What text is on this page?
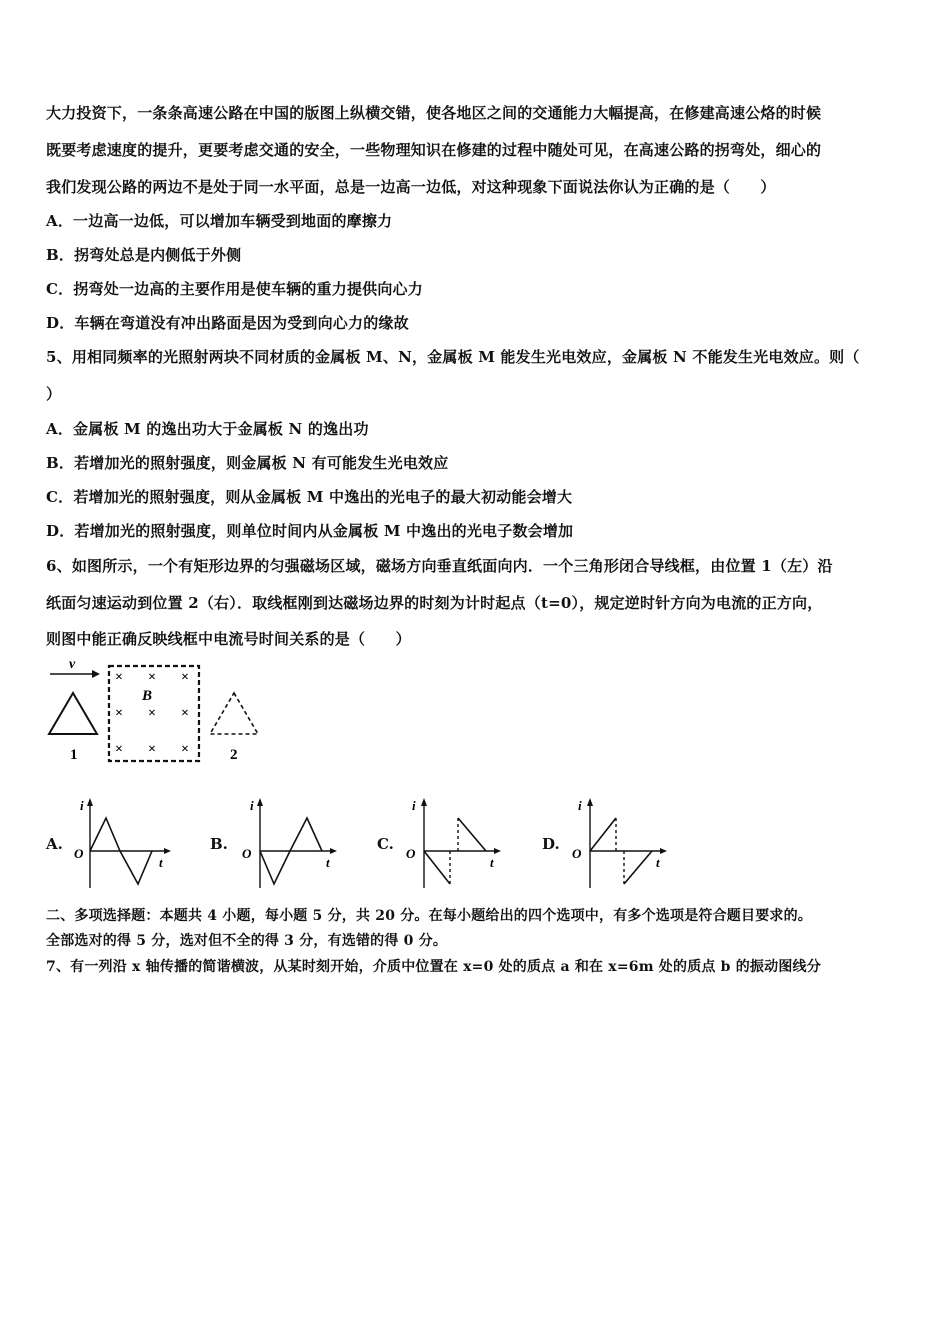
大力投资下，一条条高速公路在中国的版图上纵横交错，使各地区之间的交通能力大幅提高，在修建高速公烙的时候
既要考虑速度的提升，更要考虑交通的安全，一些物理知识在修建的过程中随处可见，在高速公路的拐弯处，细心的
我们发现公路的两边不是处于同一水平面，总是一边高一边低，对这种现象下面说法你认为正确的是（　　）
A．一边高一边低，可以增加车辆受到地面的摩擦力
B．拐弯处总是内侧低于外侧
C．拐弯处一边高的主要作用是使车辆的重力提供向心力
D．车辆在弯道没有冲出路面是因为受到向心力的缘故
5、用相同频率的光照射两块不同材质的金属板 M、N，金属板 M 能发生光电效应，金属板 N 不能发生光电效应。则（
）
A．金属板 M 的逸出功大于金属板 N 的逸出功
B．若增加光的照射强度，则金属板 N 有可能发生光电效应
C．若增加光的照射强度，则从金属板 M 中逸出的光电子的最大初动能会增大
D．若增加光的照射强度，则单位时间内从金属板 M 中逸出的光电子数会增加
6、如图所示，一个有矩形边界的匀强磁场区域，磁场方向垂直纸面向内．一个三角形闭合导线框，由位置 1（左）沿
纸面匀速运动到位置 2（右）．取线框刚到达磁场边界的时刻为计时起点（t=0），规定逆时针方向为电流的正方向，
则图中能正确反映线框中电流号时间关系的是（　　）
v
1
B
× × ×
× × ×
× × ×	2
A.
i
O
t
B.
i
O
t
C.
i
O
t
D.
i
O
t
二、多项选择题：本题共 4 小题，每小题 5 分，共 20 分。在每小题给出的四个选项中，有多个选项是符合题目要求的。
全部选对的得 5 分，选对但不全的得 3 分，有选错的得 0 分。
7、有一列沿 x 轴传播的简谐横波，从某时刻开始，介质中位置在 x=0 处的质点 a 和在 x=6m 处的质点 b 的振动图线分
